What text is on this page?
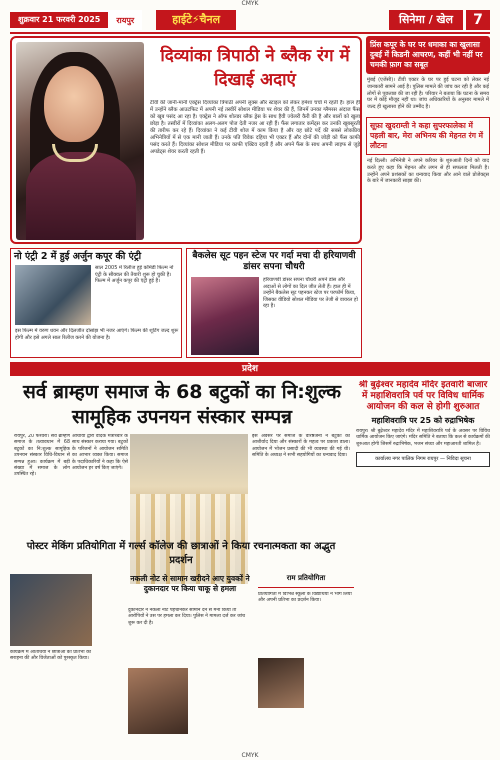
CMYK
शुक्रवार 21 फरवरी 2025	रायपुर	हाईटे⚡चैनल	सिनेमा / खेल	7
दिव्यांका त्रिपाठी ने ब्लैक रंग में दिखाई अदाएं
टीवी की जानी-मानी एक्ट्रेस दिव्यांका त्रिपाठी अपनी लुक्स और स्टाइल को लेकर हमेशा चर्चा में रहती हैं। हाल ही में उन्होंने ब्लैक आउटफिट में अपनी नई तस्वीरें सोशल मीडिया पर शेयर की हैं, जिनमें उनका ग्लैमरस अंदाज फैंस को खूब पसंद आ रहा है। एक्ट्रेस ने ऑफ शोल्डर ब्लैक ड्रेस के साथ हैवी ज्वेलरी कैरी की है और बालों को खुला छोड़ा है। तस्वीरों में दिव्यांका अलग-अलग पोज देती नजर आ रही हैं। फैंस लगातार कमेंट्स कर उनकी खूबसूरती की तारीफ कर रहे हैं। दिव्यांका ने कई टीवी शोज में काम किया है और वह छोटे पर्दे की सबसे लोकप्रिय अभिनेत्रियों में से एक मानी जाती हैं। उनके पति विवेक दहिया भी एक्टर हैं और दोनों की जोड़ी को फैंस काफी पसंद करते हैं। दिव्यांका सोशल मीडिया पर काफी एक्टिव रहती हैं और अपने फैंस के साथ अपनी लाइफ से जुड़े अपडेट्स शेयर करती रहती हैं।
प्रिंस कपूर के घर पर धमाका का खुलासा दुबई में किडनी आचरण, कहीं भी नहीं पर चमकी फ़ाग का सबूत
मुंबई (एजेंसी)। टीवी एक्टर के घर पर हुई घटना को लेकर नई जानकारी सामने आई है। पुलिस मामले की जांच कर रही है और कई लोगों से पूछताछ की जा रही है। परिवार ने बताया कि घटना के समय घर में कोई मौजूद नहीं था। जांच अधिकारियों के अनुसार मामले में जल्द ही खुलासा होने की उम्मीद है।
सूफ़ा खुदराम्ती ने कहा सुपरफालेका में पहली बार, मेरा अभिनय की मेहनत रंग में लौटना
नई दिल्ली। अभिनेत्री ने अपने करियर के शुरुआती दिनों को याद करते हुए कहा कि मेहनत और लगन से ही सफलता मिलती है। उन्होंने अपने प्रशंसकों का धन्यवाद किया और आने वाले प्रोजेक्ट्स के बारे में जानकारी साझा की।
नो एंट्री 2 में हुई अर्जुन कपूर की एंट्री
साल 2005 में रिलीज हुई कॉमेडी फिल्म नो एंट्री के सीक्वल की तैयारी शुरू हो चुकी है। फिल्म में अर्जुन कपूर की एंट्री हुई है।
इस फिल्म में वरुण धवन और दिलजीत दोसांझ भी नजर आएंगे। फिल्म की शूटिंग जल्द शुरू होगी और इसे अगले साल रिलीज करने की योजना है।
बैकलेस सूट पहन स्टेज पर गर्दा मचा दी हरियाणवी डांसर सपना चौधरी
हरियाणवी डांसर सपना चौधरी अपने डांस और अदाओं से लोगों का दिल जीत लेती हैं। हाल ही में उन्होंने बैकलेस सूट पहनकर स्टेज पर परफॉर्म किया, जिसका वीडियो सोशल मीडिया पर तेजी से वायरल हो रहा है।
प्रदेश
सर्व ब्राम्हण समाज के 68 बटुकों का नि:शुल्क सामूहिक उपनयन संस्कार सम्पन्न
रायपुर, 20 फरवरी। सर्व ब्राम्हण समाज के तत्वावधान में 68 बटुकों का नि:शुल्क सामूहिक उपनयन संस्कार विधि-विधान से सम्पन्न हुआ। कार्यक्रम में बड़ी संख्या में समाज के लोग उपस्थित रहे।
आचार्यों द्वारा वैदिक मंत्रोच्चार के साथ संस्कार कराया गया। बटुकों के परिजनों ने आयोजन समिति का आभार व्यक्त किया। समाज के पदाधिकारियों ने कहा कि ऐसे आयोजन हर वर्ष किए जाएंगे।
इस अवसर पर समाज के वरिष्ठजनों ने बटुकों को आशीर्वाद दिया और संस्कारों के महत्व पर प्रकाश डाला। आयोजन में भोजन प्रसादी की भी व्यवस्था की गई थी। समिति के अध्यक्ष ने सभी सहयोगियों का धन्यवाद दिया।
पोस्टर मेकिंग प्रतियोगिता में गर्ल्स कॉलेज की छात्राओं ने किया रचनात्मकता का अद्भुत प्रदर्शन
श्री बुढ़ेश्वर महादेव मंदिर इतवारी बाजार में महाशिवरात्रि पर्व पर विविध धार्मिक आयोजन की कल से होगी शुरुआत
महाशिवरात्रि पर 25 को रुद्राभिषेक
रायपुर। श्री बुढ़ेश्वर महादेव मंदिर में महाशिवरात्रि पर्व के अवसर पर विविध धार्मिक आयोजन किए जाएंगे। मंदिर समिति ने बताया कि कल से कार्यक्रमों की शुरुआत होगी जिसमें रुद्राभिषेक, भजन संध्या और महाआरती शामिल है।
कार्यालय नगर पालिक निगम रायपुर — निविदा सूचना
कार्यक्रम में अतिथियों ने छात्राओं की प्रतिभा की सराहना की और विजेताओं को पुरस्कृत किया।
नकली नोट से सामान खरीदने आए युवकों ने दुकानदार पर किया चाकू से हमला
दुकानदार ने नकली नोट पहचानकर सामान देने से मना किया तो आरोपियों ने उस पर हमला कर दिया। पुलिस ने मामला दर्ज कर जांच शुरू कर दी है।
राम प्रतियोगिता
प्रतियोगिता में विभिन्न स्कूलों के विद्यार्थियों ने भाग लिया और अपनी प्रतिभा का प्रदर्शन किया।
CMYK
